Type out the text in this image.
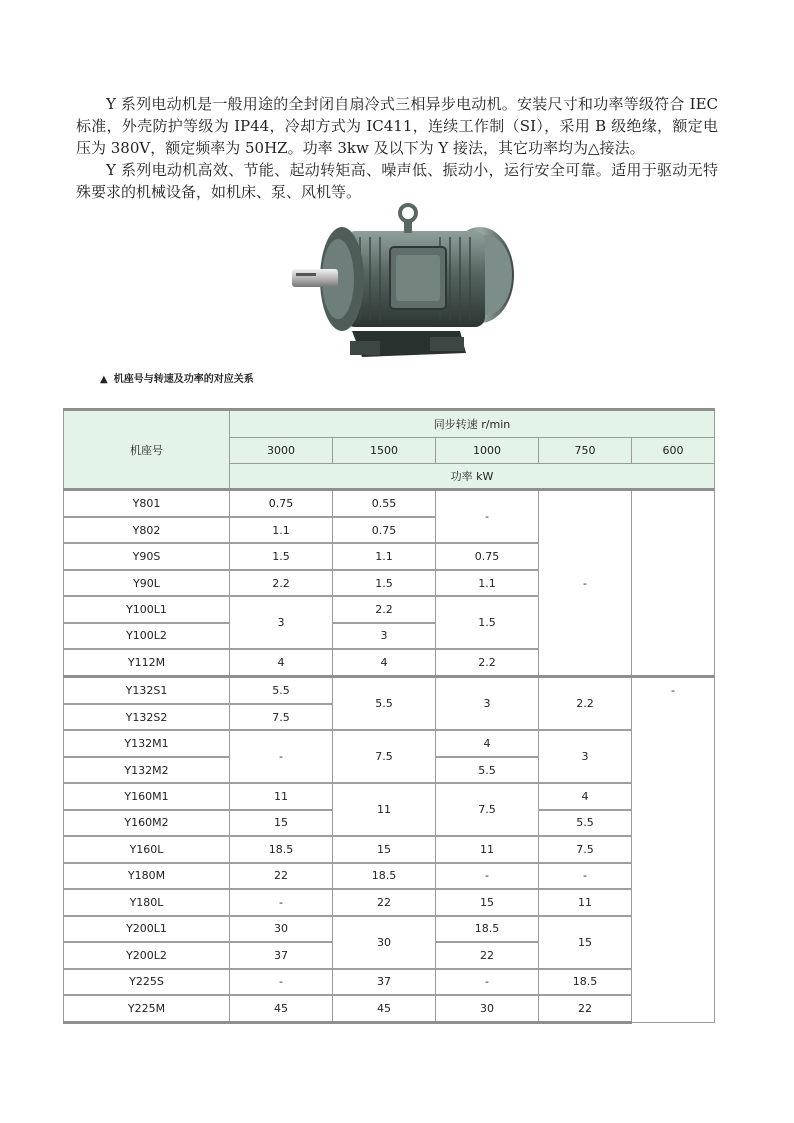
Y 系列电动机是一般用途的全封闭自扇冷式三相异步电动机。安装尺寸和功率等级符合 IEC 标准，外壳防护等级为 IP44，冷却方式为 IC411，连续工作制（SI），采用 B 级绝缘，额定电压为 380V，额定频率为 50HZ。功率 3kw 及以下为 Y 接法，其它功率均为△接法。

Y 系列电动机高效、节能、起动转矩高、噪声低、振动小，运行安全可靠。适用于驱动无特殊要求的机械设备，如机床、泵、风机等。

▲ 机座号与转速及功率的对应关系
机座号	同步转速 r/min				
	3000	1500	1000	750	600
	功率 kW				
Y801	0.75	0.55	-	-	
Y802	1.1	0.75			
Y90S	1.5	1.1	0.75		
Y90L	2.2	1.5	1.1		
Y100L1	3	2.2	1.5		
Y100L2		3			
Y112M	4	4	2.2		
Y132S1	5.5	5.5	3	2.2	-
Y132S2	7.5				
Y132M1	-	7.5	4	3	
Y132M2			5.5		
Y160M1	11	11	7.5	4	
Y160M2	15			5.5	
Y160L	18.5	15	11	7.5	
Y180M	22	18.5	-	-	
Y180L	-	22	15	11	
Y200L1	30	30	18.5	15	
Y200L2	37		22		
Y225S	-	37	-	18.5	
Y225M	45	45	30	22	
